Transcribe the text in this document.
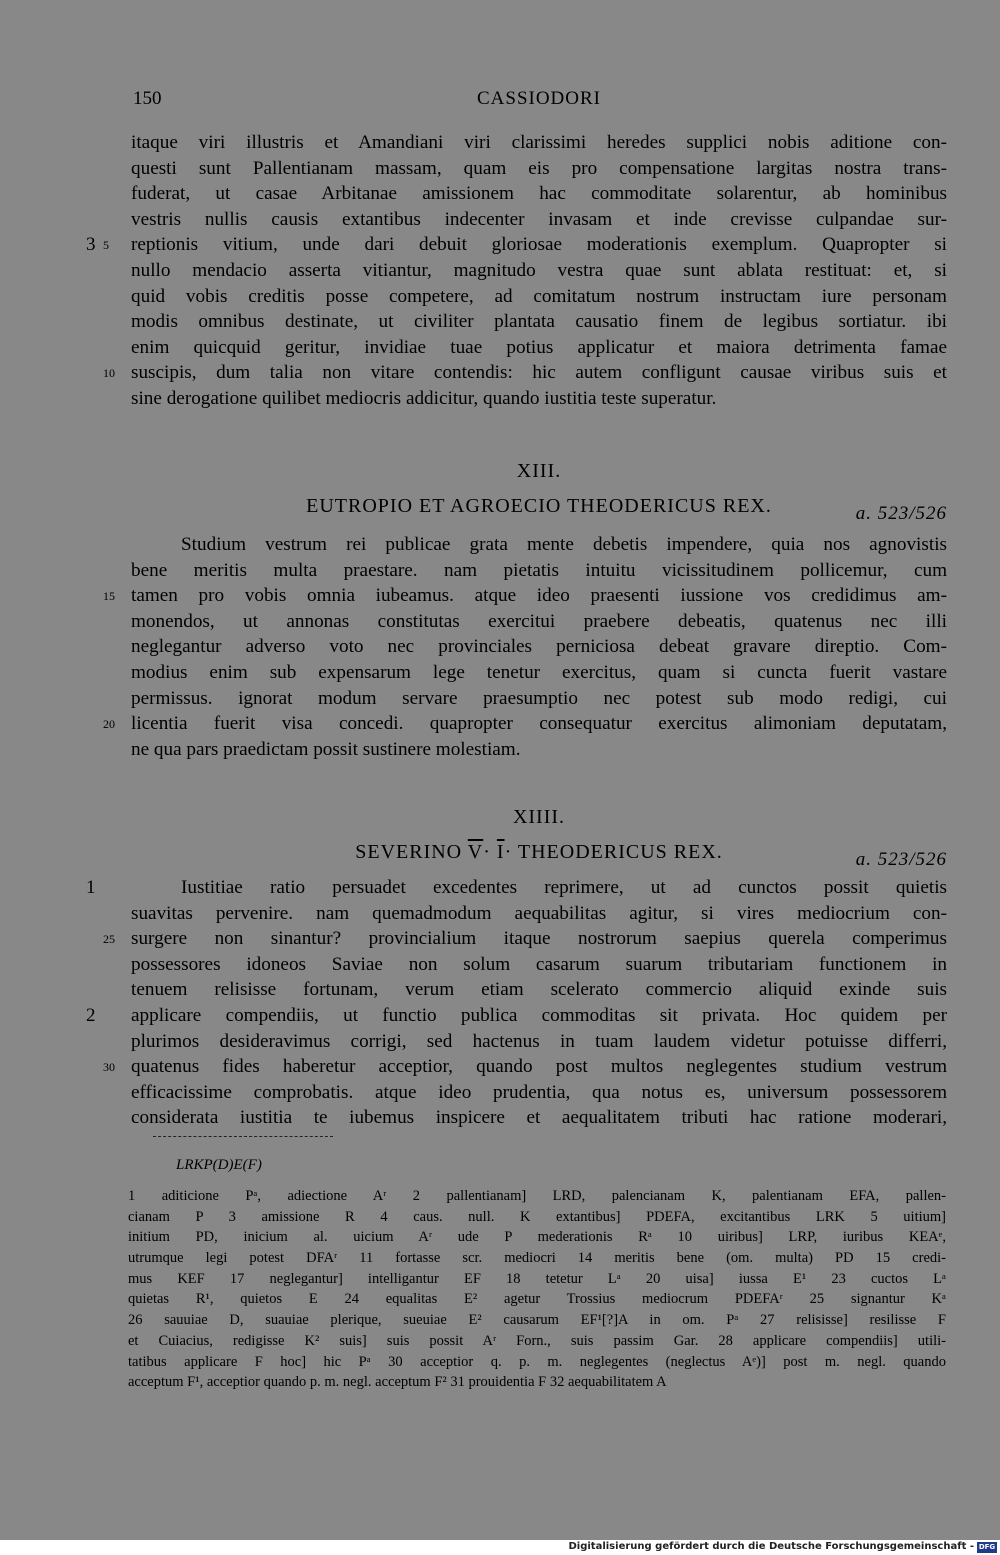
150	CASSIODORI
itaque viri illustris et Amandiani viri clarissimi heredes supplici nobis aditione con-
questi sunt Pallentianam massam, quam eis pro compensatione largitas nostra trans-
fuderat, ut casae Arbitanae amissionem hac commoditate solarentur, ab hominibus
vestris nullis causis extantibus indecenter invasam et inde crevisse culpandae sur-
3 5 reptionis vitium, unde dari debuit gloriosae moderationis exemplum. Quapropter si
nullo mendacio asserta vitiantur, magnitudo vestra quae sunt ablata restituat: et, si
quid vobis creditis posse competere, ad comitatum nostrum instructam iure personam
modis omnibus destinate, ut civiliter plantata causatio finem de legibus sortiatur. ibi
enim quicquid geritur, invidiae tuae potius applicatur et maiora detrimenta famae
10 suscipis, dum talia non vitare contendis: hic autem confligunt causae viribus suis et
sine derogatione quilibet mediocris addicitur, quando iustitia teste superatur.
XIII.
EUTROPIO ET AGROECIO THEODERICUS REX.	a. 523/526
Studium vestrum rei publicae grata mente debetis impendere, quia nos agnovistis
bene meritis multa praestare. nam pietatis intuitu vicissitudinem pollicemur, cum
15 tamen pro vobis omnia iubeamus. atque ideo praesenti iussione vos credidimus am-
monendos, ut annonas constitutas exercitui praebere debeatis, quatenus nec illi
neglegantur adverso voto nec provinciales perniciosa debeat gravare direptio. Com-
modius enim sub expensarum lege tenetur exercitus, quam si cuncta fuerit vastare
permissus. ignorat modum servare praesumptio nec potest sub modo redigi, cui
20 licentia fuerit visa concedi. quapropter consequatur exercitus alimoniam deputatam,
ne qua pars praedictam possit sustinere molestiam.
XIIII.
SEVERINO $\overline{V}\cdot \overline{I}\cdot$ THEODERICUS REX.	a. 523/526
1	Iustitiae ratio persuadet excedentes reprimere, ut ad cunctos possit quietis
suavitas pervenire. nam quemadmodum aequabilitas agitur, si vires mediocrium con-
25 surgere non sinantur? provincialium itaque nostrorum saepius querela comperimus
possessores idoneos Saviae non solum casarum suarum tributariam functionem in
tenuem relisisse fortunam, verum etiam scelerato commercio aliquid exinde suis
2 applicare compendiis, ut functio publica commoditas sit privata. Hoc quidem per
plurimos desideravimus corrigi, sed hactenus in tuam laudem videtur potuisse differri,
30 quatenus fides haberetur acceptior, quando post multos neglegentes studium vestrum
efficacissime comprobatis. atque ideo prudentia, qua notus es, universum possessorem
considerata iustitia te iubemus inspicere et aequalitatem tributi hac ratione moderari,
LRKP(D)E(F)
1 aditicione Pᵃ, adiectione Aʳ 2 pallentianam] LRD, palencianam K, palentianam EFA, pallen-
cianam P 3 amissione R 4 caus. null. K extantibus] PDEFA, excitantibus LRK 5 uitium]
initium PD, inicium al. uicium Aʳ ude P mederationis Rᵃ 10 uiribus] LRP, iuribus KEAᵉ,
utrumque legi potest DFAʳ 11 fortasse scr. mediocri 14 meritis bene (om. multa) PD 15 credi-
mus KEF 17 neglegantur] intelligantur EF 18 tetetur Lᵃ 20 uisa] iussa E¹ 23 cuctos Lᵃ
quietas R¹, quietos E 24 equalitas E² agetur Trossius mediocrum PDEFAʳ 25 signantur Kᵃ
26 sauuiae D, suauiae plerique, sueuiae E² causarum EF¹[?]A in om. Pᵃ 27 relisisse] resilisse F
et Cuiacius, redigisse K² suis] suis possit Aʳ Forn., suis passim Gar. 28 applicare compendiis] utili-
tatibus applicare F hoc] hic Pᵃ 30 acceptior q. p. m. neglegentes (neglectus Aᵉ)] post m. negl. quando
acceptum F¹, acceptior quando p. m. negl. acceptum F² 31 prouidentia F 32 aequabilitatem A
Digitalisierung gefördert durch die Deutsche Forschungsgemeinschaft - DFG
